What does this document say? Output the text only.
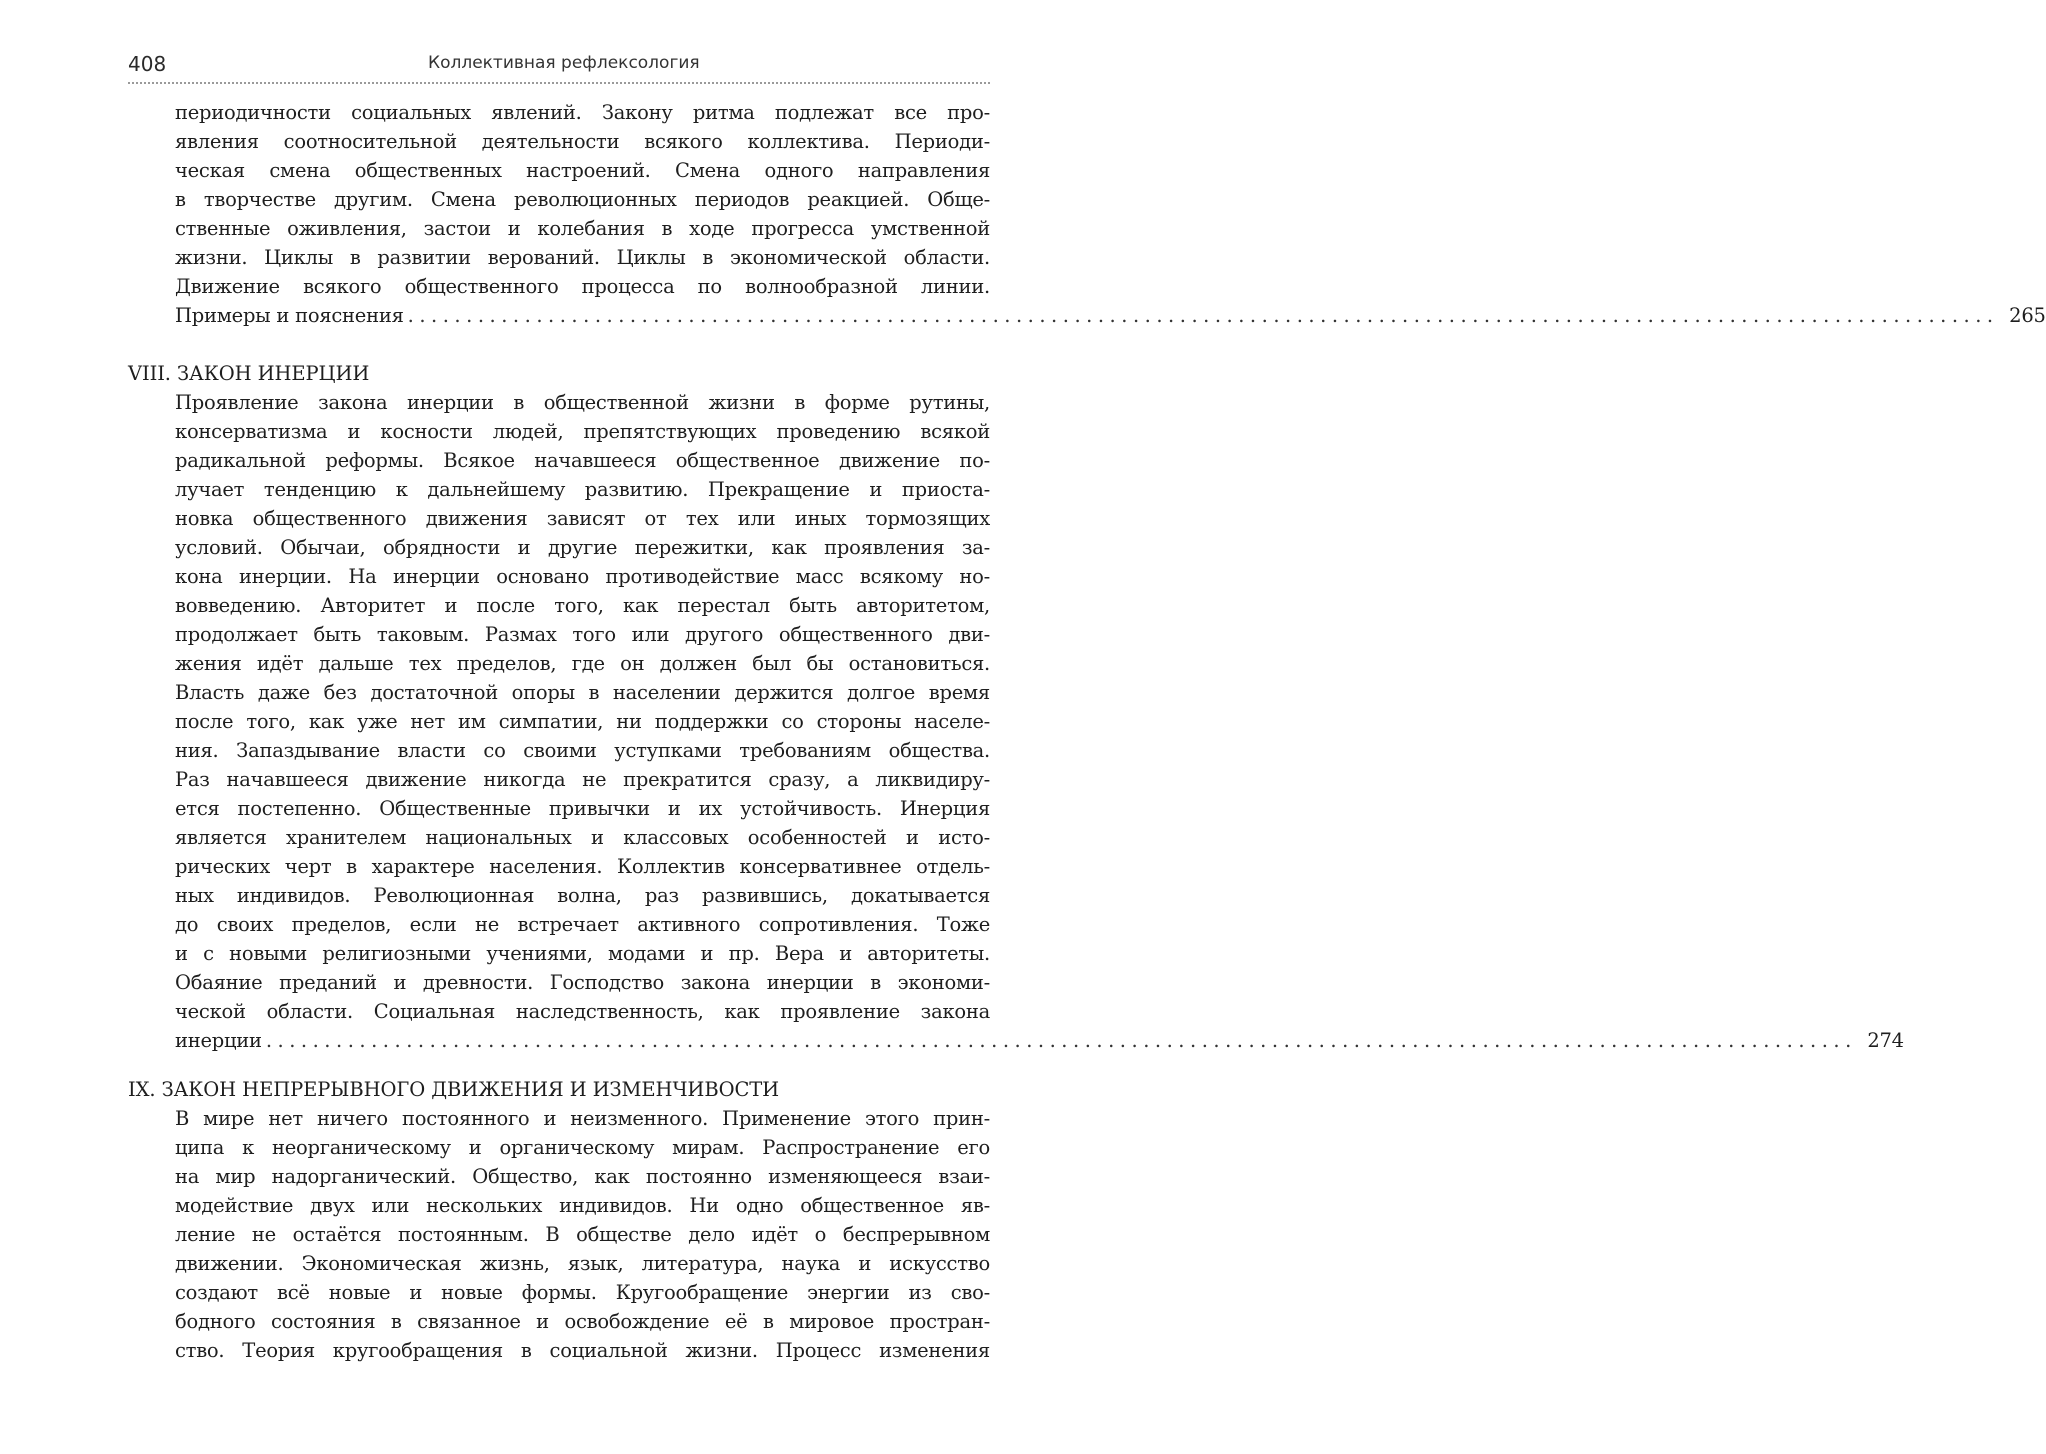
408	Коллективная рефлексология
периодичности социальных явлений. Закону ритма подлежат все про-
явления соотносительной деятельности всякого коллектива. Периоди-
ческая смена общественных настроений. Смена одного направления
в творчестве другим. Смена революционных периодов реакцией. Обще-
ственные оживления, застои и колебания в ходе прогресса умственной
жизни. Циклы в развитии верований. Циклы в экономической области.
Движение всякого общественного процесса по волнообразной линии.
Примеры и пояснения ........................................................................................................................................ 265
VIII. ЗАКОН ИНЕРЦИИ
Проявление закона инерции в общественной жизни в форме рутины,
консерватизма и косности людей, препятствующих проведению всякой
радикальной реформы. Всякое начавшееся общественное движение по-
лучает тенденцию к дальнейшему развитию. Прекращение и приоста-
новка общественного движения зависят от тех или иных тормозящих
условий. Обычаи, обрядности и другие пережитки, как проявления за-
кона инерции. На инерции основано противодействие масс всякому но-
вовведению. Авторитет и после того, как перестал быть авторитетом,
продолжает быть таковым. Размах того или другого общественного дви-
жения идёт дальше тех пределов, где он должен был бы остановиться.
Власть даже без достаточной опоры в населении держится долгое время
после того, как уже нет им симпатии, ни поддержки со стороны населе-
ния. Запаздывание власти со своими уступками требованиям общества.
Раз начавшееся движение никогда не прекратится сразу, а ликвидиру-
ется постепенно. Общественные привычки и их устойчивость. Инерция
является хранителем национальных и классовых особенностей и исто-
рических черт в характере населения. Коллектив консервативнее отдель-
ных индивидов. Революционная волна, раз развившись, докатывается
до своих пределов, если не встречает активного сопротивления. Тоже
и с новыми религиозными учениями, модами и пр. Вера и авторитеты.
Обаяние преданий и древности. Господство закона инерции в экономи-
ческой области. Социальная наследственность, как проявление закона
инерции ........................................................................................................................................ 274
IX. ЗАКОН НЕПРЕРЫВНОГО ДВИЖЕНИЯ И ИЗМЕНЧИВОСТИ
В мире нет ничего постоянного и неизменного. Применение этого прин-
ципа к неорганическому и органическому мирам. Распространение его
на мир надорганический. Общество, как постоянно изменяющееся взаи-
модействие двух или нескольких индивидов. Ни одно общественное яв-
ление не остаётся постоянным. В обществе дело идёт о беспрерывном
движении. Экономическая жизнь, язык, литература, наука и искусство
создают всё новые и новые формы. Кругообращение энергии из сво-
бодного состояния в связанное и освобождение её в мировое простран-
ство. Теория кругообращения в социальной жизни. Процесс изменения
